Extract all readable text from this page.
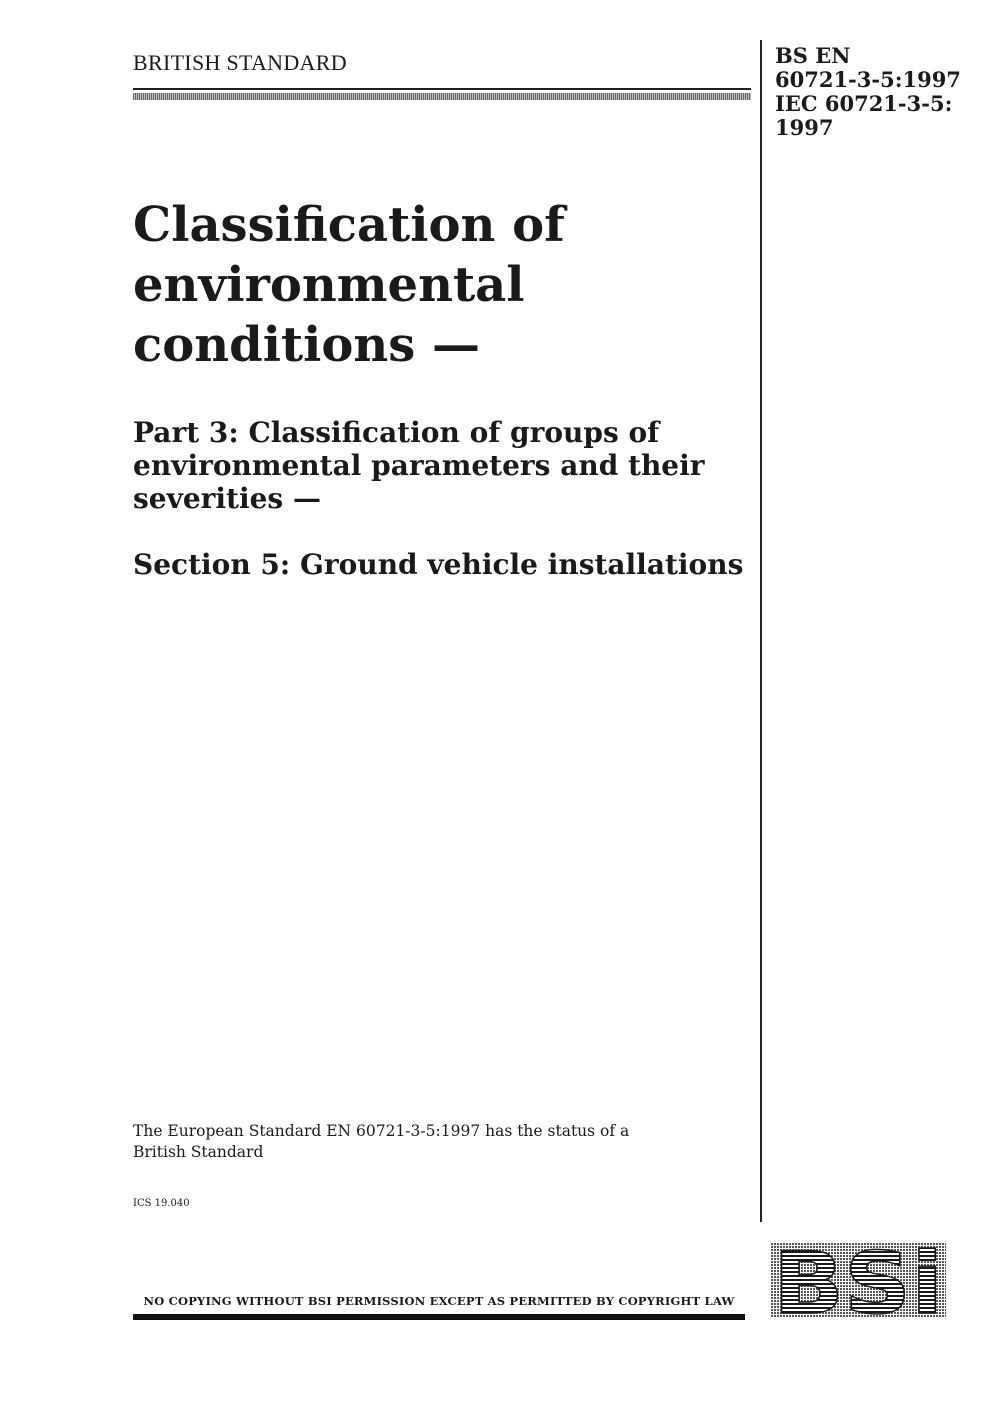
BRITISH STANDARD	BS EN
60721-3-5:1997
IEC 60721-3-5:
1997
Classification of
environmental
conditions —
Part 3: Classification of groups of
environmental parameters and their
severities —
Section 5: Ground vehicle installations
The European Standard EN 60721-3-5:1997 has the status of a
British Standard
ICS 19.040
NO COPYING WITHOUT BSI PERMISSION EXCEPT AS PERMITTED BY COPYRIGHT LAW BSi
